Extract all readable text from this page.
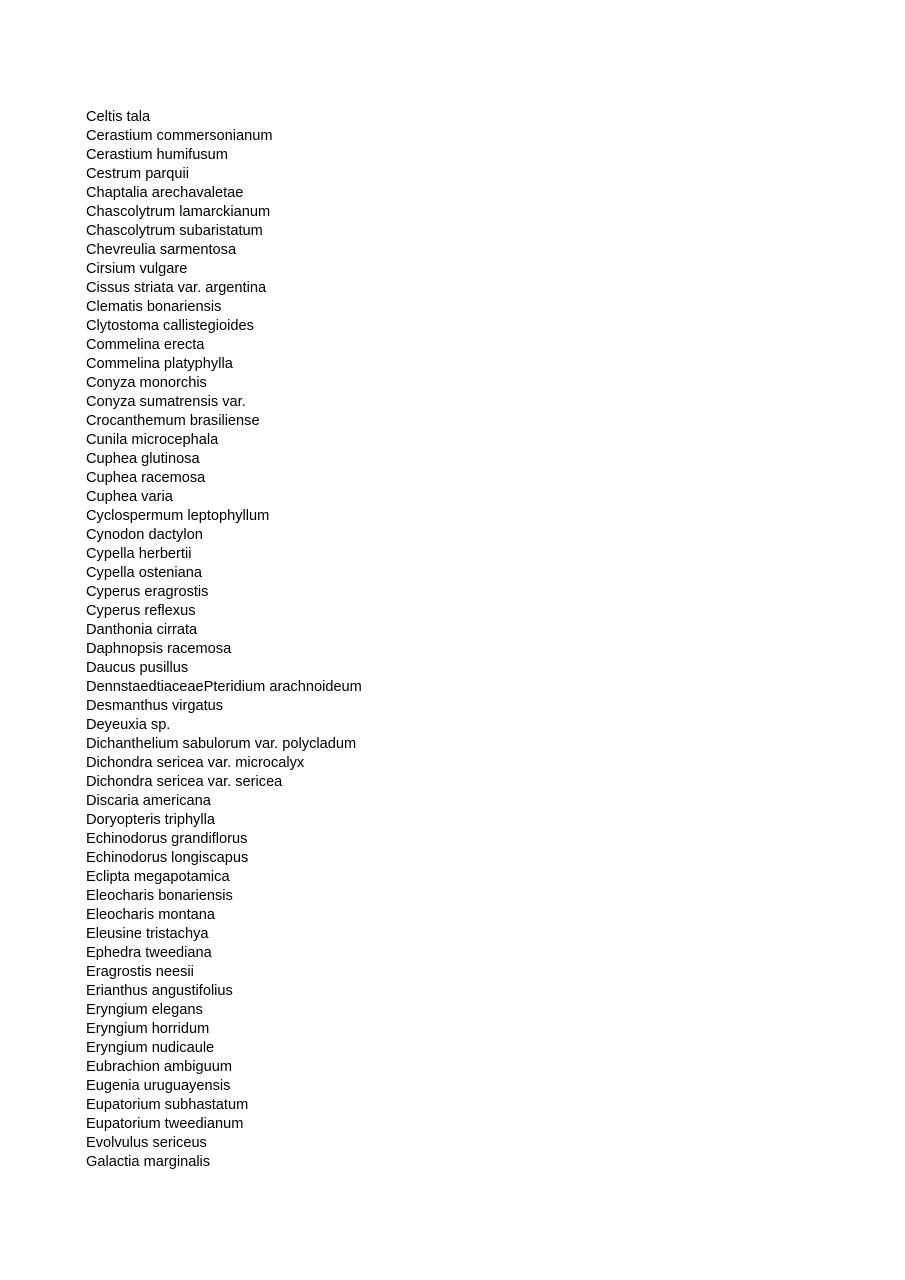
Celtis tala
Cerastium commersonianum
Cerastium humifusum
Cestrum parquii
Chaptalia arechavaletae
Chascolytrum lamarckianum
Chascolytrum subaristatum
Chevreulia sarmentosa
Cirsium vulgare
Cissus striata var. argentina
Clematis bonariensis
Clytostoma callistegioides
Commelina erecta
Commelina platyphylla
Conyza monorchis
Conyza sumatrensis var.
Crocanthemum brasiliense
Cunila microcephala
Cuphea glutinosa
Cuphea racemosa
Cuphea varia
Cyclospermum leptophyllum
Cynodon dactylon
Cypella herbertii
Cypella osteniana
Cyperus eragrostis
Cyperus reflexus
Danthonia cirrata
Daphnopsis racemosa
Daucus pusillus
DennstaedtiaceaePteridium arachnoideum
Desmanthus virgatus
Deyeuxia sp.
Dichanthelium sabulorum var. polycladum
Dichondra sericea var. microcalyx
Dichondra sericea var. sericea
Discaria americana
Doryopteris triphylla
Echinodorus grandiflorus
Echinodorus longiscapus
Eclipta megapotamica
Eleocharis bonariensis
Eleocharis montana
Eleusine tristachya
Ephedra tweediana
Eragrostis neesii
Erianthus angustifolius
Eryngium elegans
Eryngium horridum
Eryngium nudicaule
Eubrachion ambiguum
Eugenia uruguayensis
Eupatorium subhastatum
Eupatorium tweedianum
Evolvulus sericeus
Galactia marginalis
